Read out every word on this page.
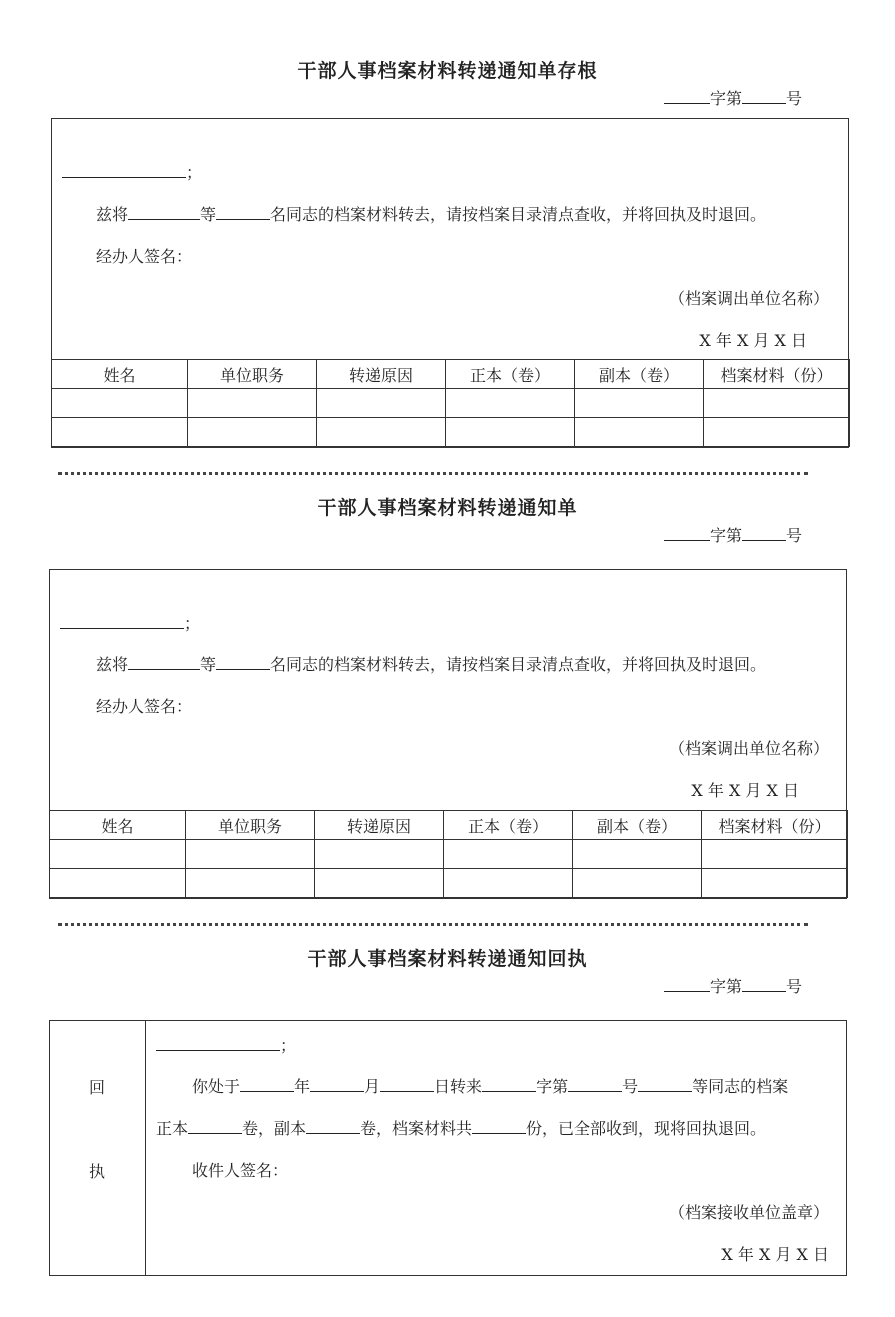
干部人事档案材料转递通知单存根
字第	号
；
兹将	等	名同志的档案材料转去，请按档案目录清点查收，并将回执及时退回。
经办人签名：
（档案调出单位名称）
X 年 X 月 X 日
姓名	单位职务	转递原因	正本（卷）	副本（卷）	档案材料（份）

干部人事档案材料转递通知单
字第	号
；
兹将	等	名同志的档案材料转去，请按档案目录清点查收，并将回执及时退回。
经办人签名：
（档案调出单位名称）
X 年 X 月 X 日
姓名	单位职务	转递原因	正本（卷）	副本（卷）	档案材料（份）

干部人事档案材料转递通知回执
字第	号
回
执
；
你处于	年	月	日转来	字第	号	等同志的档案
正本	卷，副本	卷，档案材料共	份，已全部收到，现将回执退回。
收件人签名：
（档案接收单位盖章）
X 年 X 月 X 日
